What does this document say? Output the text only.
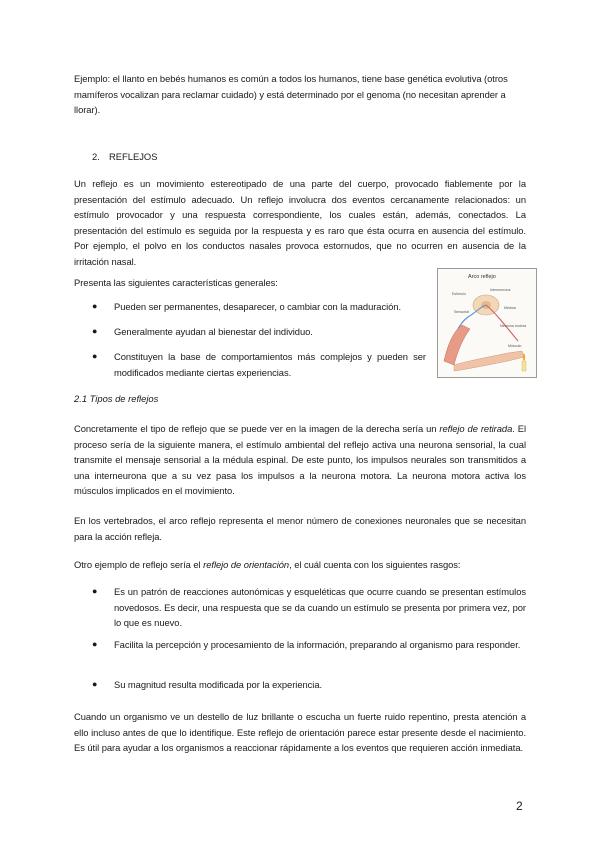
Ejemplo: el llanto en bebés humanos es común a todos los humanos, tiene base genética evolutiva (otros mamíferos vocalizan para reclamar cuidado) y está determinado por el genoma (no necesitan aprender a llorar).

2. REFLEJOS

Un reflejo es un movimiento estereotipado de una parte del cuerpo, provocado fiablemente por la presentación del estímulo adecuado. Un reflejo involucra dos eventos cercanamente relacionados: un estímulo provocador y una respuesta correspondiente, los cuales están, además, conectados. La presentación del estímulo es seguida por la respuesta y es raro que ésta ocurra en ausencia del estímulo. Por ejemplo, el polvo en los conductos nasales provoca estornudos, que no ocurren en ausencia de la irritación nasal.

Presenta las siguientes características generales:

●	Pueden ser permanentes, desaparecer, o cambiar con la maduración.
●	Generalmente ayudan al bienestar del individuo.
●	Constituyen la base de comportamientos más complejos y pueden ser modificados mediante ciertas experiencias.
Arco reflejo
Estímulo
Interneurona
Médula
Neurona motora
Sensorial
Músculo
2.1 Tipos de reflejos

Concretamente el tipo de reflejo que se puede ver en la imagen de la derecha sería un reflejo de retirada. El proceso sería de la siguiente manera, el estímulo ambiental del reflejo activa una neurona sensorial, la cual transmite el mensaje sensorial a la médula espinal. De este punto, los impulsos neurales son transmitidos a una interneurona que a su vez pasa los impulsos a la neurona motora. La neurona motora activa los músculos implicados en el movimiento.

En los vertebrados, el arco reflejo representa el menor número de conexiones neuronales que se necesitan para la acción refleja.

Otro ejemplo de reflejo sería el reflejo de orientación, el cuál cuenta con los siguientes rasgos:

●	Es un patrón de reacciones autonómicas y esqueléticas que ocurre cuando se presentan estímulos novedosos. Es decir, una respuesta que se da cuando un estímulo se presenta por primera vez, por lo que es nuevo.
●	Facilita la percepción y procesamiento de la información, preparando al organismo para responder.
●	Su magnitud resulta modificada por la experiencia.

Cuando un organismo ve un destello de luz brillante o escucha un fuerte ruido repentino, presta atención a ello incluso antes de que lo identifique. Este reflejo de orientación parece estar presente desde el nacimiento. Es útil para ayudar a los organismos a reaccionar rápidamente a los eventos que requieren acción inmediata.

2
